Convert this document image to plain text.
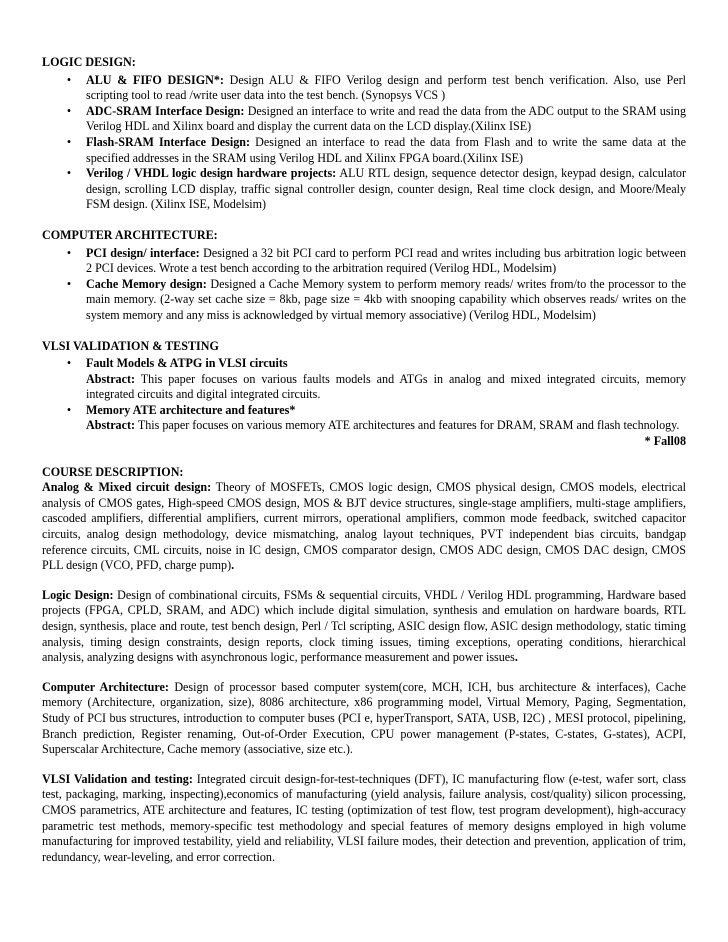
LOGIC DESIGN:
• ALU & FIFO DESIGN*: Design ALU & FIFO Verilog design and perform test bench verification. Also, use Perl scripting tool to read /write user data into the test bench. (Synopsys VCS )
• ADC-SRAM Interface Design: Designed an interface to write and read the data from the ADC output to the SRAM using Verilog HDL and Xilinx board and display the current data on the LCD display.(Xilinx ISE)
• Flash-SRAM Interface Design: Designed an interface to read the data from Flash and to write the same data at the specified addresses in the SRAM using Verilog HDL and Xilinx FPGA board.(Xilinx ISE)
• Verilog / VHDL logic design hardware projects: ALU RTL design, sequence detector design, keypad design, calculator design, scrolling LCD display, traffic signal controller design, counter design, Real time clock design, and Moore/Mealy FSM design. (Xilinx ISE, Modelsim)
COMPUTER ARCHITECTURE:
• PCI design/ interface: Designed a 32 bit PCI card to perform PCI read and writes including bus arbitration logic between 2 PCI devices. Wrote a test bench according to the arbitration required (Verilog HDL, Modelsim)
• Cache Memory design: Designed a Cache Memory system to perform memory reads/ writes from/to the processor to the main memory. (2-way set cache size = 8kb, page size = 4kb with snooping capability which observes reads/ writes on the system memory and any miss is acknowledged by virtual memory associative) (Verilog HDL, Modelsim)
VLSI VALIDATION & TESTING
• Fault Models & ATPG in VLSI circuits
Abstract: This paper focuses on various faults models and ATGs in analog and mixed integrated circuits, memory integrated circuits and digital integrated circuits.
• Memory ATE architecture and features*
Abstract: This paper focuses on various memory ATE architectures and features for DRAM, SRAM and flash technology.
* Fall08
COURSE DESCRIPTION:

Analog & Mixed circuit design: Theory of MOSFETs, CMOS logic design, CMOS physical design, CMOS models, electrical analysis of CMOS gates, High-speed CMOS design, MOS & BJT device structures, single-stage amplifiers, multi-stage amplifiers, cascoded amplifiers, differential amplifiers, current mirrors, operational amplifiers, common mode feedback, switched capacitor circuits, analog design methodology, device mismatching, analog layout techniques, PVT independent bias circuits, bandgap reference circuits, CML circuits, noise in IC design, CMOS comparator design, CMOS ADC design, CMOS DAC design, CMOS PLL design (VCO, PFD, charge pump).

Logic Design: Design of combinational circuits, FSMs & sequential circuits, VHDL / Verilog HDL programming, Hardware based projects (FPGA, CPLD, SRAM, and ADC) which include digital simulation, synthesis and emulation on hardware boards, RTL design, synthesis, place and route, test bench design, Perl / Tcl scripting, ASIC design flow, ASIC design methodology, static timing analysis, timing design constraints, design reports, clock timing issues, timing exceptions, operating conditions, hierarchical analysis, analyzing designs with asynchronous logic, performance measurement and power issues.

Computer Architecture: Design of processor based computer system(core, MCH, ICH, bus architecture & interfaces), Cache memory (Architecture, organization, size), 8086 architecture, x86 programming model, Virtual Memory, Paging, Segmentation, Study of PCI bus structures, introduction to computer buses (PCI e, hyperTransport, SATA, USB, I2C) , MESI protocol, pipelining, Branch prediction, Register renaming, Out-of-Order Execution, CPU power management (P-states, C-states, G-states), ACPI, Superscalar Architecture, Cache memory (associative, size etc.).

VLSI Validation and testing: Integrated circuit design-for-test-techniques (DFT), IC manufacturing flow (e-test, wafer sort, class test, packaging, marking, inspecting),economics of manufacturing (yield analysis, failure analysis, cost/quality) silicon processing, CMOS parametrics, ATE architecture and features, IC testing (optimization of test flow, test program development), high-accuracy parametric test methods, memory-specific test methodology and special features of memory designs employed in high volume manufacturing for improved testability, yield and reliability, VLSI failure modes, their detection and prevention, application of trim, redundancy, wear-leveling, and error correction.
